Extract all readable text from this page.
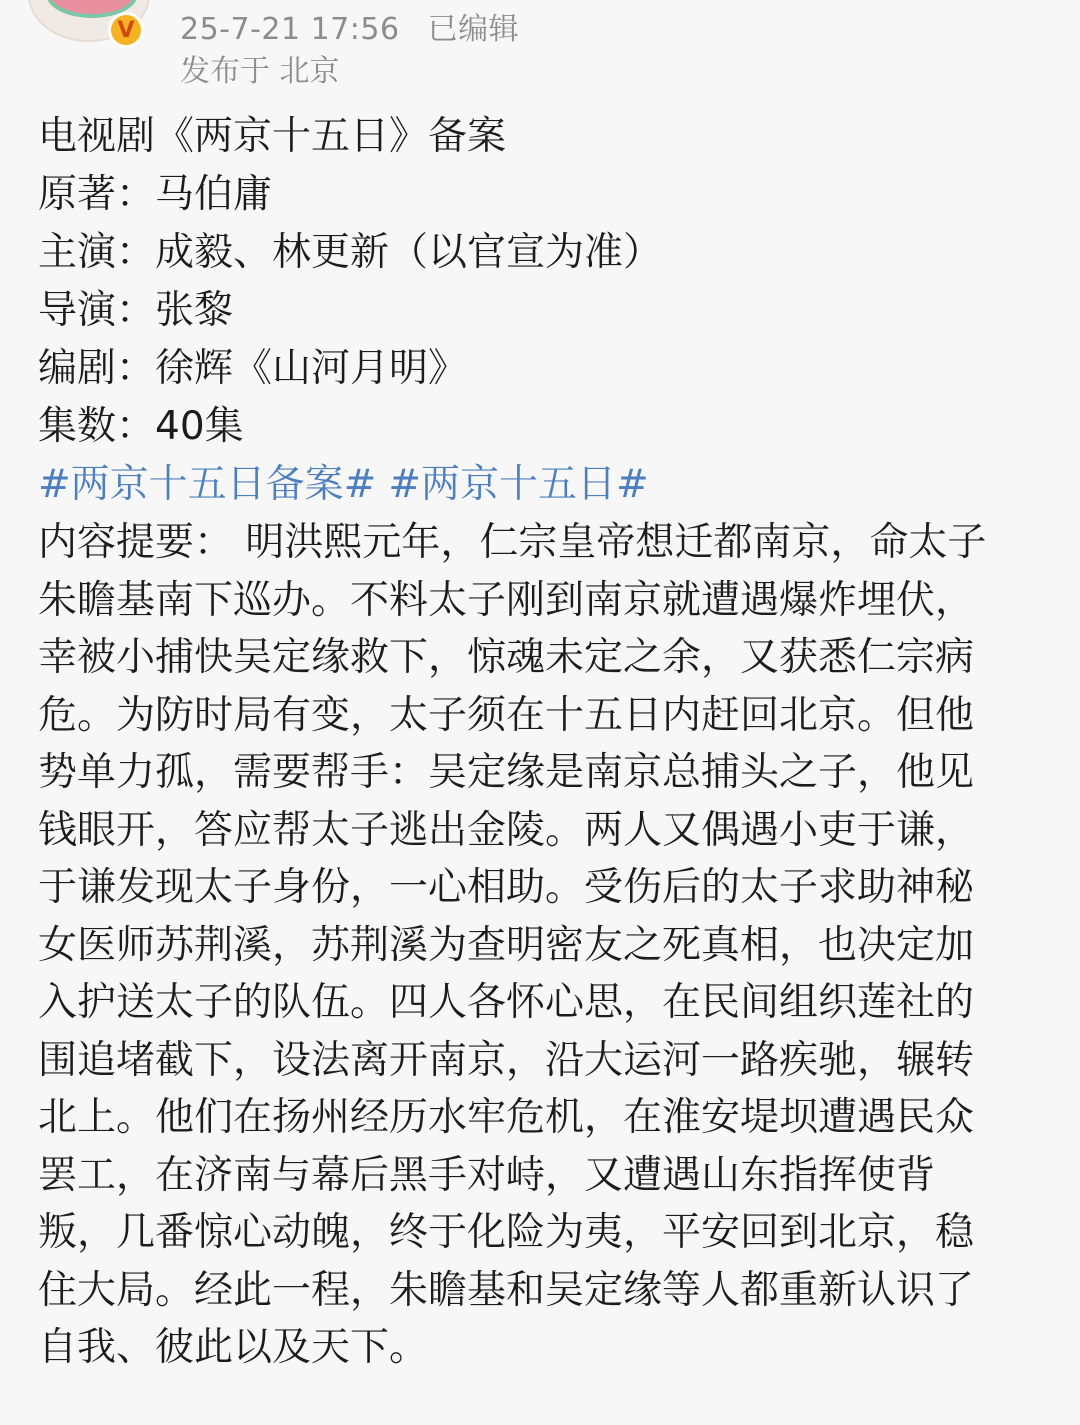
V	25-7-21 17:56 已编辑
发布于 北京
电视剧《两京十五日》备案
原著：马伯庸
主演：成毅、林更新（以官宣为准）
导演：张黎
编剧：徐辉《山河月明》
集数：40集
#两京十五日备案# #两京十五日#
内容提要： 明洪熙元年，仁宗皇帝想迁都南京，命太子
朱瞻基南下巡办。不料太子刚到南京就遭遇爆炸埋伏，
幸被小捕快吴定缘救下，惊魂未定之余，又获悉仁宗病
危。为防时局有变，太子须在十五日内赶回北京。但他
势单力孤，需要帮手：吴定缘是南京总捕头之子，他见
钱眼开，答应帮太子逃出金陵。两人又偶遇小吏于谦，
于谦发现太子身份，一心相助。受伤后的太子求助神秘
女医师苏荆溪，苏荆溪为查明密友之死真相，也决定加
入护送太子的队伍。四人各怀心思，在民间组织莲社的
围追堵截下，设法离开南京，沿大运河一路疾驰，辗转
北上。他们在扬州经历水牢危机，在淮安堤坝遭遇民众
罢工，在济南与幕后黑手对峙，又遭遇山东指挥使背
叛，几番惊心动魄，终于化险为夷，平安回到北京，稳
住大局。经此一程，朱瞻基和吴定缘等人都重新认识了
自我、彼此以及天下。
